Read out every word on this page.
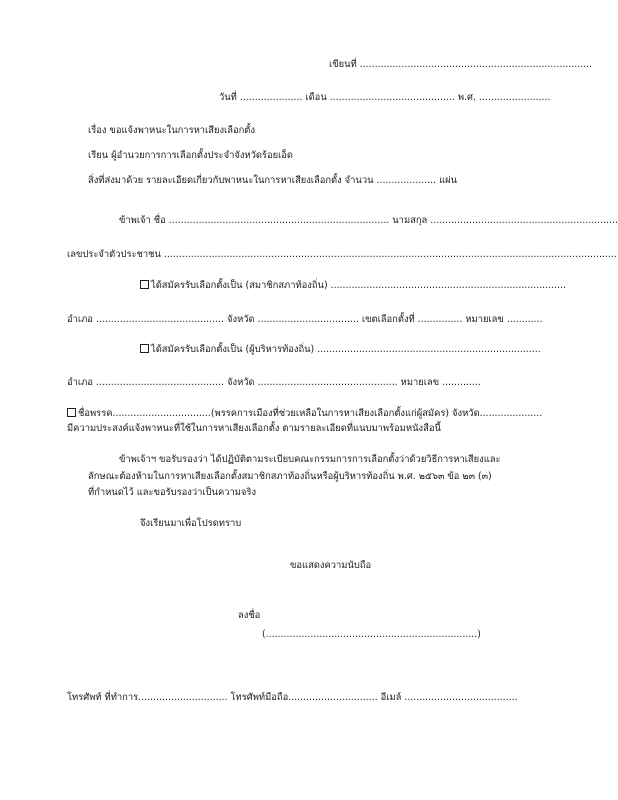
เขียนที่ ..............................................................................
วันที่ ..................... เดือน .......................................... พ.ศ. ........................
เรื่อง ขอแจ้งพาหนะในการหาเสียงเลือกตั้ง
เรียน ผู้อำนวยการการเลือกตั้งประจำจังหวัดร้อยเอ็ด
สิ่งที่ส่งมาด้วย รายละเอียดเกี่ยวกับพาหนะในการหาเสียงเลือกตั้ง จำนวน .................... แผ่น
ข้าพเจ้า ชื่อ .......................................................................... นามสกุล ...............................................................
เลขประจำตัวประชาชน ........................................................................................................................................................
ได้สมัครรับเลือกตั้งเป็น (สมาชิกสภาท้องถิ่น) ...............................................................................
อำเภอ ........................................... จังหวัด .................................. เขตเลือกตั้งที่ ............... หมายเลข ............
ได้สมัครรับเลือกตั้งเป็น (ผู้บริหารท้องถิ่น) ...........................................................................
อำเภอ ........................................... จังหวัด ............................................... หมายเลข .............
ชื่อพรรค.................................(พรรคการเมืองที่ช่วยเหลือในการหาเสียงเลือกตั้งแก่ผู้สมัคร) จังหวัด.....................
มีความประสงค์แจ้งพาหนะที่ใช้ในการหาเสียงเลือกตั้ง ตามรายละเอียดที่แนบมาพร้อมหนังสือนี้
ข้าพเจ้าฯ ขอรับรองว่า ได้ปฏิบัติตามระเบียบคณะกรรมการการเลือกตั้งว่าด้วยวิธีการหาเสียงและ
ลักษณะต้องห้ามในการหาเสียงเลือกตั้งสมาชิกสภาท้องถิ่นหรือผู้บริหารท้องถิ่น พ.ศ. ๒๕๖๓ ข้อ ๒๓ (๓)
ที่กำหนดไว้ และขอรับรองว่าเป็นความจริง
จึงเรียนมาเพื่อโปรดทราบ
ขอแสดงความนับถือ
ลงชื่อ
(.......................................................................)
โทรศัพท์ ที่ทำการ.............................. โทรศัพท์มือถือ.............................. อีเมล์ ......................................
